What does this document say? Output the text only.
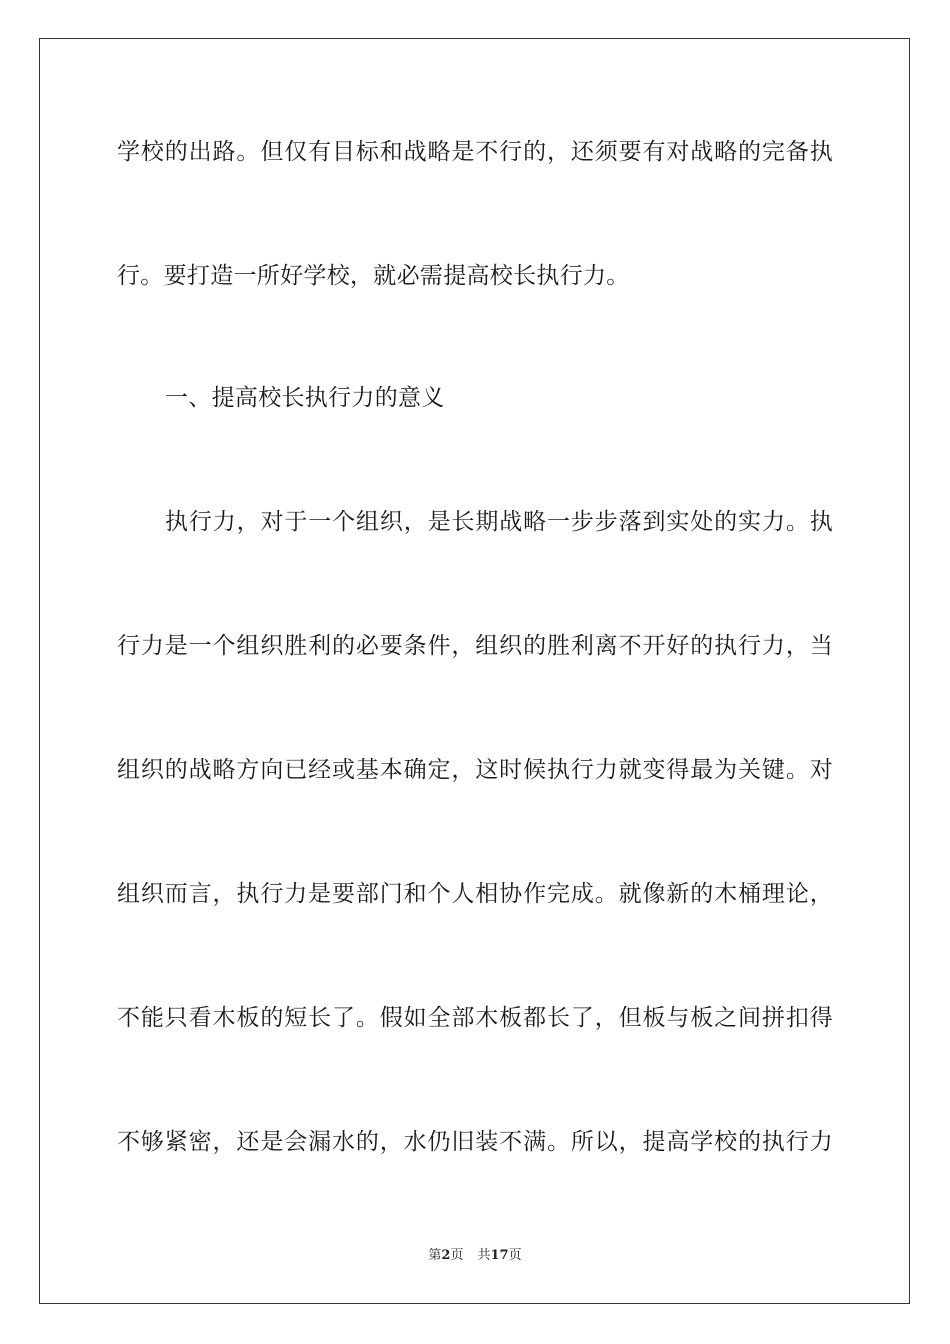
学校的出路。但仅有目标和战略是不行的，还须要有对战略的完备执
行。要打造一所好学校，就必需提高校长执行力。
一、提高校长执行力的意义
执行力，对于一个组织，是长期战略一步步落到实处的实力。执
行力是一个组织胜利的必要条件，组织的胜利离不开好的执行力，当
组织的战略方向已经或基本确定，这时候执行力就变得最为关键。对
组织而言，执行力是要部门和个人相协作完成。就像新的木桶理论，
不能只看木板的短长了。假如全部木板都长了，但板与板之间拼扣得
不够紧密，还是会漏水的，水仍旧装不满。所以，提高学校的执行力
第2页 共17页
